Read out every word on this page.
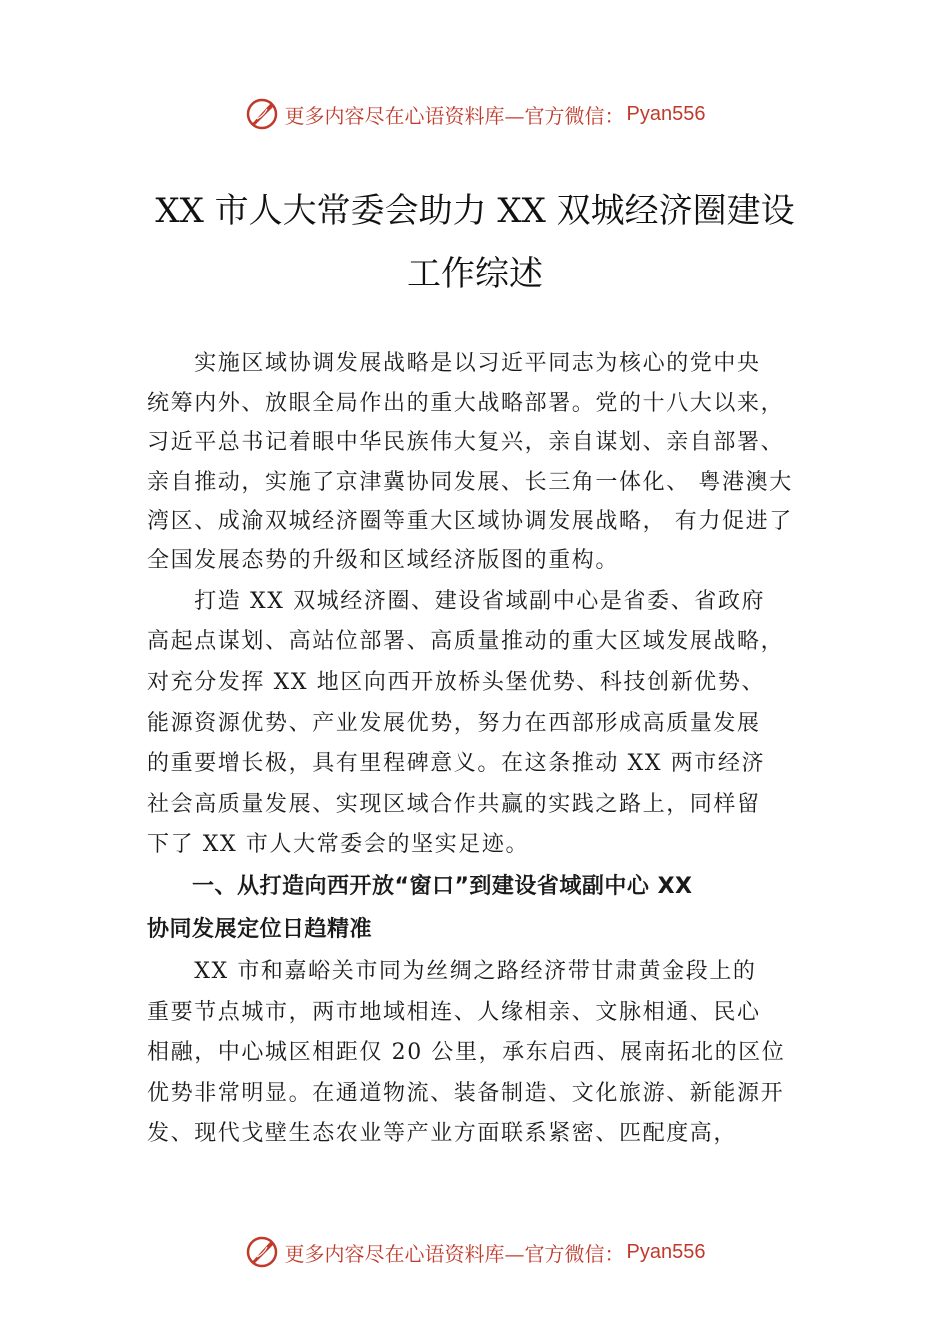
更多内容尽在心语资料库—官方微信： Pyan556
XX 市人大常委会助力 XX 双城经济圈建设
工作综述
　　实施区域协调发展战略是以习近平同志为核心的党中央
统筹内外、放眼全局作出的重大战略部署。党的十八大以来，
习近平总书记着眼中华民族伟大复兴，亲自谋划、亲自部署、
亲自推动，实施了京津冀协同发展、长三角一体化、 粤港澳大
湾区、成渝双城经济圈等重大区域协调发展战略， 有力促进了
全国发展态势的升级和区域经济版图的重构。
　　打造 XX 双城经济圈、建设省域副中心是省委、省政府
高起点谋划、高站位部署、高质量推动的重大区域发展战略，
对充分发挥 XX 地区向西开放桥头堡优势、科技创新优势、
能源资源优势、产业发展优势，努力在西部形成高质量发展
的重要增长极，具有里程碑意义。在这条推动 XX 两市经济
社会高质量发展、实现区域合作共赢的实践之路上，同样留
下了 XX 市人大常委会的坚实足迹。
　　一、从打造向西开放“窗口”到建设省域副中心 XX
协同发展定位日趋精准
　　XX 市和嘉峪关市同为丝绸之路经济带甘肃黄金段上的
重要节点城市，两市地域相连、人缘相亲、文脉相通、民心
相融，中心城区相距仅 20 公里，承东启西、展南拓北的区位
优势非常明显。在通道物流、装备制造、文化旅游、新能源开
发、现代戈壁生态农业等产业方面联系紧密、匹配度高，
更多内容尽在心语资料库—官方微信： Pyan556
